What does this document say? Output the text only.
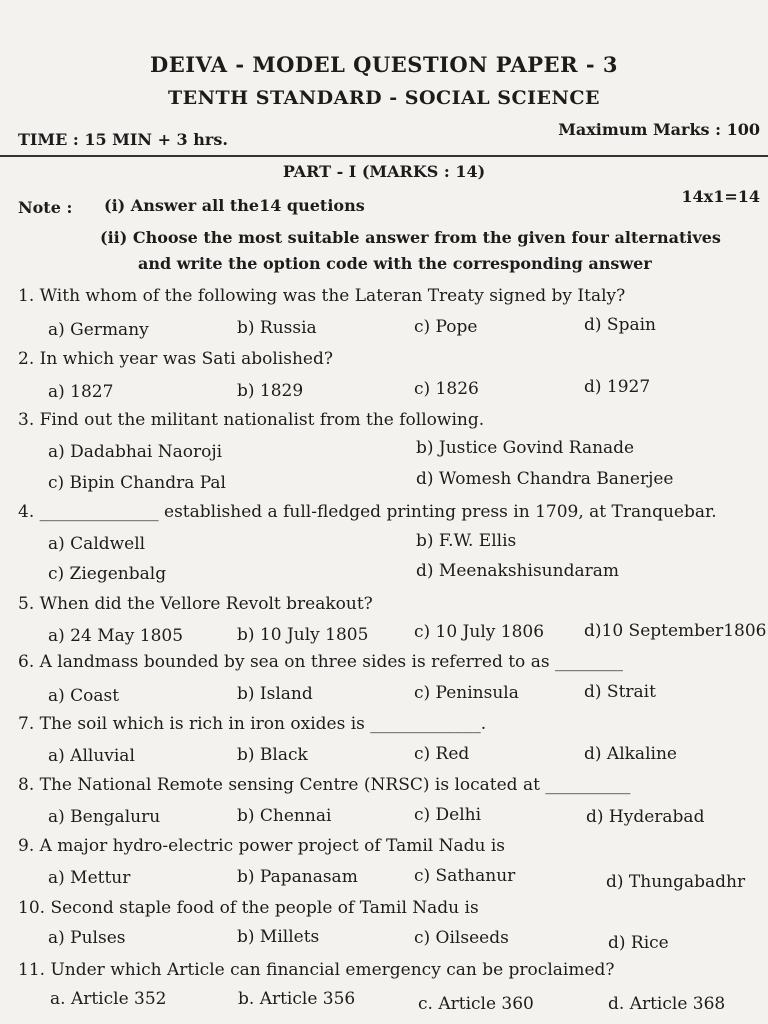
DEIVA - MODEL QUESTION PAPER - 3
TENTH STANDARD - SOCIAL SCIENCE
TIME : 15 MIN + 3 hrs.
Maximum Marks : 100
PART - I (MARKS : 14)
Note : (i) Answer all the14 quetions	14x1=14
(ii) Choose the most suitable answer from the given four alternatives
and write the option code with the corresponding answer
1. With whom of the following was the Lateran Treaty signed by Italy?
a) Germany	b) Russia	c) Pope	d) Spain
2. In which year was Sati abolished?
a) 1827	b) 1829	c) 1826	d) 1927
3. Find out the militant nationalist from the following.
a) Dadabhai Naoroji	b) Justice Govind Ranade
c) Bipin Chandra Pal	d) Womesh Chandra Banerjee
4. ______________ established a full-fledged printing press in 1709, at Tranquebar.
a) Caldwell	b) F.W. Ellis
c) Ziegenbalg	d) Meenakshisundaram
5. When did the Vellore Revolt breakout?
a) 24 May 1805	b) 10 July 1805	c) 10 July 1806 d)10 September1806
6. A landmass bounded by sea on three sides is referred to as ________
a) Coast	b) Island	c) Peninsula	d) Strait
7. The soil which is rich in iron oxides is _____________.
a) Alluvial	b) Black	c) Red	d) Alkaline
8. The National Remote sensing Centre (NRSC) is located at __________
a) Bengaluru	b) Chennai	c) Delhi	d) Hyderabad
9. A major hydro-electric power project of Tamil Nadu is
a) Mettur	b) Papanasam	c) Sathanur	d) Thungabadhr
10. Second staple food of the people of Tamil Nadu is
a) Pulses	b) Millets	c) Oilseeds	d) Rice
11. Under which Article can financial emergency can be proclaimed?
a. Article 352	b. Article 356	c. Article 360	d. Article 368
